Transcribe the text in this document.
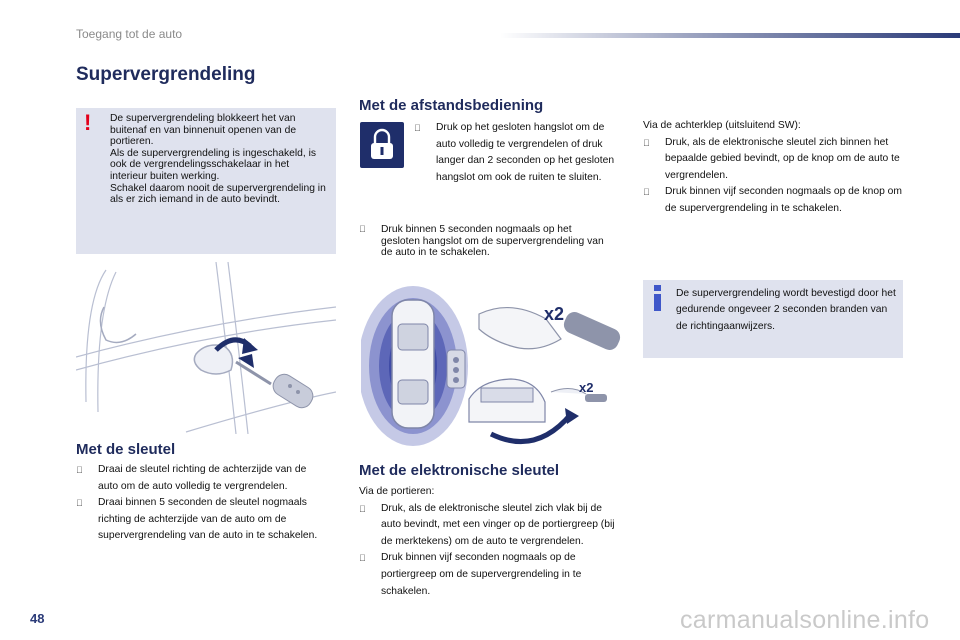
Toegang tot de auto
Supervergrendeling
!	De supervergrendeling blokkeert het van buitenaf en van binnenuit openen van de portieren.
Als de supervergrendeling is ingeschakeld, is ook de vergrendelingsschakelaar in het interieur buiten werking.
Schakel daarom nooit de supervergrendeling in als er zich iemand in de auto bevindt.
Met de sleutel
Draai de sleutel richting de achterzijde van de auto om de auto volledig te vergrendelen.
Draai binnen 5 seconden de sleutel nogmaals richting de achterzijde van de auto om de supervergrendeling van de auto in te schakelen.
Met de afstandsbediening
Druk op het gesloten hangslot om de auto volledig te vergrendelen of druk langer dan 2 seconden op het gesloten hangslot om ook de ruiten te sluiten.
Druk binnen 5 seconden nogmaals op het gesloten hangslot om de supervergrendeling van de auto in te schakelen.
x2
x2
Met de elektronische sleutel

Via de portieren:

Druk, als de elektronische sleutel zich vlak bij de auto bevindt, met een vinger op de portiergreep (bij de merktekens) om de auto te vergrendelen.
Druk binnen vijf seconden nogmaals op de portiergreep om de supervergrendeling in te schakelen.

Via de achterklep (uitsluitend SW):

Druk, als de elektronische sleutel zich binnen het bepaalde gebied bevindt, op de knop om de auto te vergrendelen.
Druk binnen vijf seconden nogmaals op de knop om de supervergrendeling in te schakelen.
De supervergrendeling wordt bevestigd door het gedurende ongeveer 2 seconden branden van de richtingaanwijzers.
48	carmanualsonline.info
